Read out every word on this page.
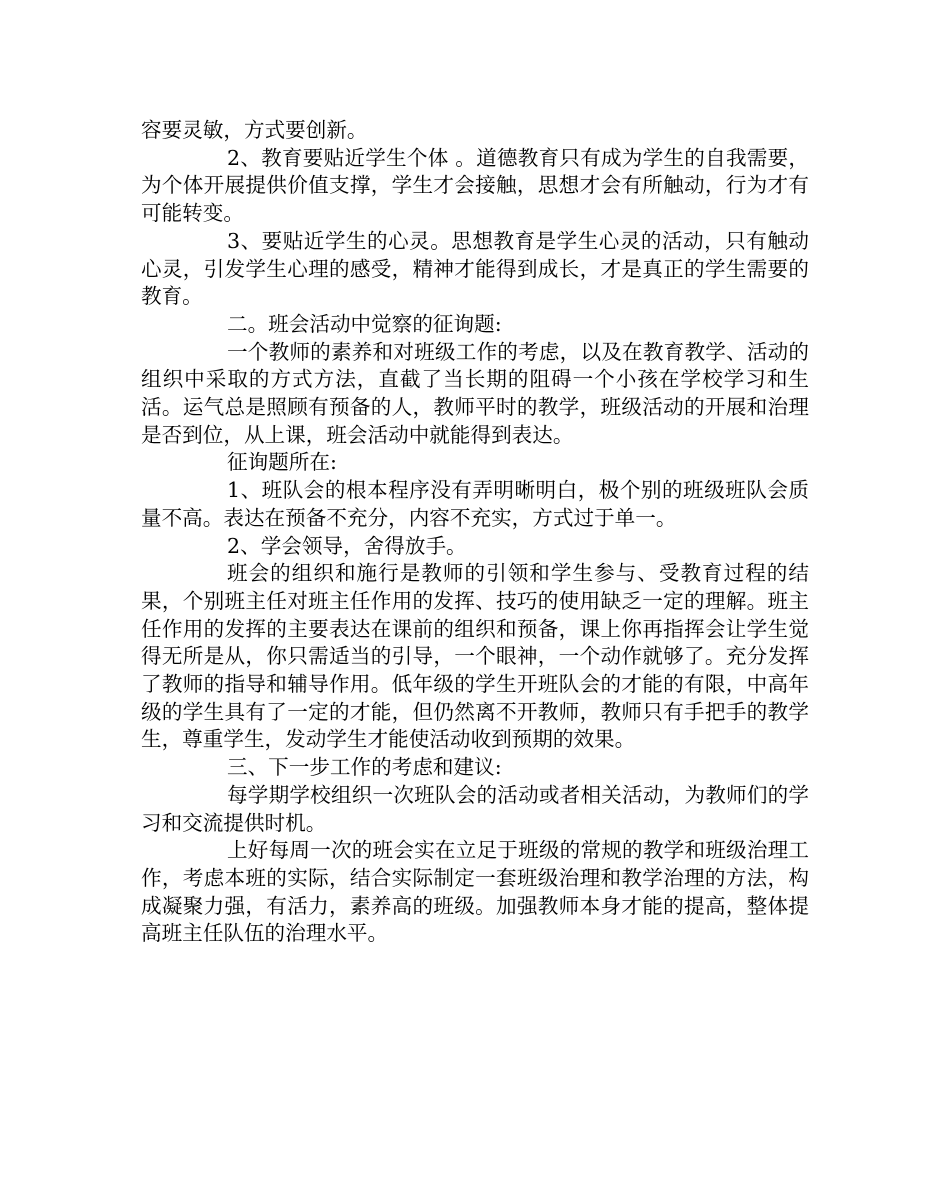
容要灵敏，方式要创新。

2、教育要贴近学生个体 。道德教育只有成为学生的自我需要，为个体开展提供价值支撑，学生才会接触，思想才会有所触动，行为才有可能转变。

3、要贴近学生的心灵。思想教育是学生心灵的活动，只有触动心灵，引发学生心理的感受，精神才能得到成长，才是真正的学生需要的教育。

二。班会活动中觉察的征询题:

一个教师的素养和对班级工作的考虑，以及在教育教学、活动的组织中采取的方式方法，直截了当长期的阻碍一个小孩在学校学习和生活。运气总是照顾有预备的人，教师平时的教学，班级活动的开展和治理是否到位，从上课，班会活动中就能得到表达。

征询题所在:

1、班队会的根本程序没有弄明晰明白，极个别的班级班队会质量不高。表达在预备不充分，内容不充实，方式过于单一。

2、学会领导，舍得放手。

班会的组织和施行是教师的引领和学生参与、受教育过程的结果，个别班主任对班主任作用的发挥、技巧的使用缺乏一定的理解。班主任作用的发挥的主要表达在课前的组织和预备，课上你再指挥会让学生觉得无所是从，你只需适当的引导，一个眼神，一个动作就够了。充分发挥了教师的指导和辅导作用。低年级的学生开班队会的才能的有限，中高年级的学生具有了一定的才能，但仍然离不开教师，教师只有手把手的教学生，尊重学生，发动学生才能使活动收到预期的效果。

三、下一步工作的考虑和建议:

每学期学校组织一次班队会的活动或者相关活动，为教师们的学习和交流提供时机。

上好每周一次的班会实在立足于班级的常规的教学和班级治理工作，考虑本班的实际，结合实际制定一套班级治理和教学治理的方法，构成凝聚力强，有活力，素养高的班级。加强教师本身才能的提高，整体提高班主任队伍的治理水平。
